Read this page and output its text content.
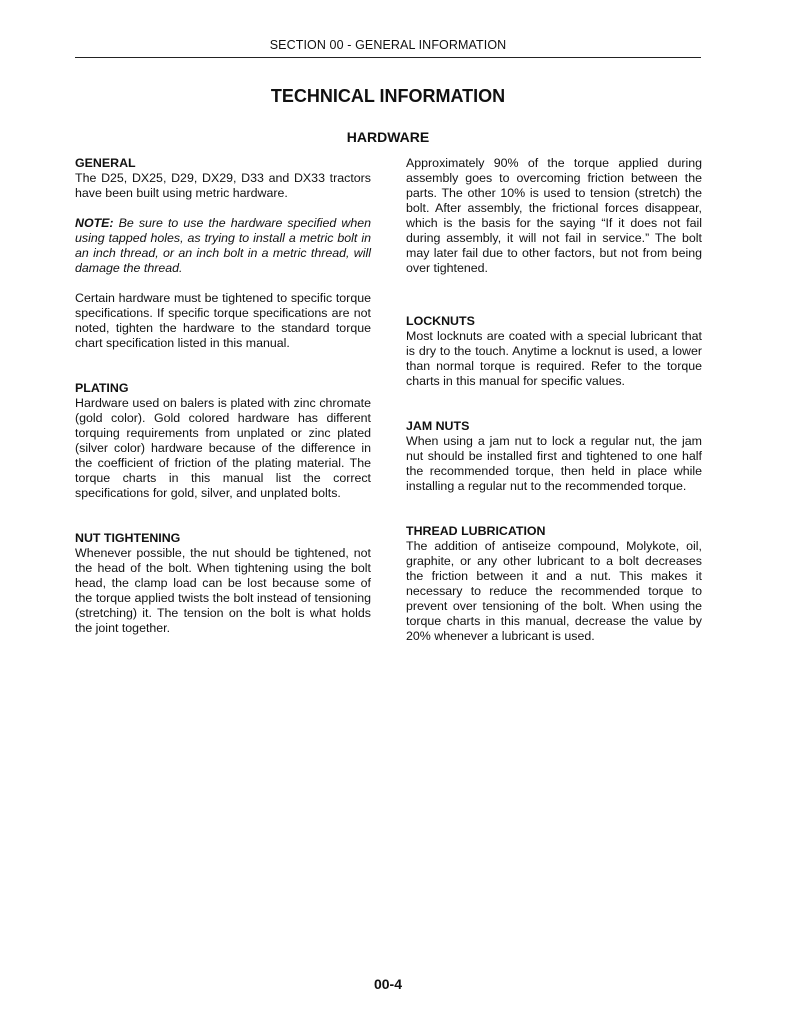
SECTION 00 - GENERAL INFORMATION
TECHNICAL INFORMATION
HARDWARE
GENERAL

The D25, DX25, D29, DX29, D33 and DX33 tractors have been built using metric hardware.

NOTE: Be sure to use the hardware specified when using tapped holes, as trying to install a metric bolt in an inch thread, or an inch bolt in a metric thread, will damage the thread.

Certain hardware must be tightened to specific torque specifications. If specific torque specifications are not noted, tighten the hardware to the standard torque chart specification listed in this manual.

PLATING

Hardware used on balers is plated with zinc chromate (gold color). Gold colored hardware has different torquing requirements from unplated or zinc plated (silver color) hardware because of the difference in the coefficient of friction of the plating material. The torque charts in this manual list the correct specifications for gold, silver, and unplated bolts.

NUT TIGHTENING

Whenever possible, the nut should be tightened, not the head of the bolt. When tightening using the bolt head, the clamp load can be lost because some of the torque applied twists the bolt instead of tensioning (stretching) it. The tension on the bolt is what holds the joint together.

Approximately 90% of the torque applied during assembly goes to overcoming friction between the parts. The other 10% is used to tension (stretch) the bolt. After assembly, the frictional forces disappear, which is the basis for the saying “If it does not fail during assembly, it will not fail in service.” The bolt may later fail due to other factors, but not from being over tightened.

LOCKNUTS

Most locknuts are coated with a special lubricant that is dry to the touch. Anytime a locknut is used, a lower than normal torque is required. Refer to the torque charts in this manual for specific values.

JAM NUTS

When using a jam nut to lock a regular nut, the jam nut should be installed first and tightened to one half the recommended torque, then held in place while installing a regular nut to the recommended torque.

THREAD LUBRICATION

The addition of antiseize compound, Molykote, oil, graphite, or any other lubricant to a bolt decreases the friction between it and a nut. This makes it necessary to reduce the recommended torque to prevent over tensioning of the bolt. When using the torque charts in this manual, decrease the value by 20% whenever a lubricant is used.

00-4
